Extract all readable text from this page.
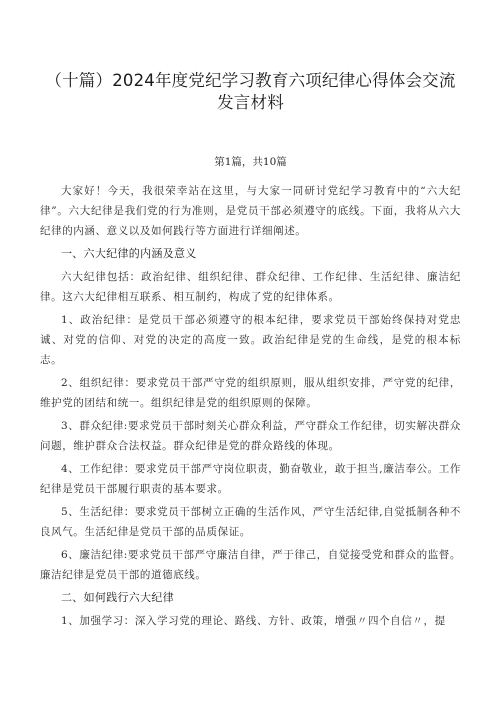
（十篇）2024年度党纪学习教育六项纪律心得体会交流发言材料
第1篇，共10篇

大家好！今天，我很荣幸站在这里，与大家一同研讨党纪学习教育中的“六大纪律”。六大纪律是我们党的行为准则，是党员干部必须遵守的底线。下面，我将从六大纪律的内涵、意义以及如何践行等方面进行详细阐述。

一、六大纪律的内涵及意义

六大纪律包括：政治纪律、组织纪律、群众纪律、工作纪律、生活纪律、廉洁纪律。这六大纪律相互联系、相互制约，构成了党的纪律体系。

1、政治纪律：是党员干部必须遵守的根本纪律，要求党员干部始终保持对党忠诚、对党的信仰、对党的决定的高度一致。政治纪律是党的生命线，是党的根本标志。

2、组织纪律：要求党员干部严守党的组织原则，服从组织安排，严守党的纪律，维护党的团结和统一。组织纪律是党的组织原则的保障。

3、群众纪律:要求党员干部时刻关心群众利益，严守群众工作纪律，切实解决群众问题，维护群众合法权益。群众纪律是党的群众路线的体现。

4、工作纪律：要求党员干部严守岗位职责，勤奋敬业，敢于担当,廉洁奉公。工作纪律是党员干部履行职责的基本要求。

5、生活纪律：要求党员干部树立正确的生活作风，严守生活纪律,自觉抵制各种不良风气。生活纪律是党员干部的品质保证。

6、廉洁纪律:要求党员干部严守廉洁自律，严于律己，自觉接受党和群众的监督。廉洁纪律是党员干部的道德底线。

二、如何践行六大纪律

1、加强学习：深入学习党的理论、路线、方针、政策，增强〃四个自信〃，提
